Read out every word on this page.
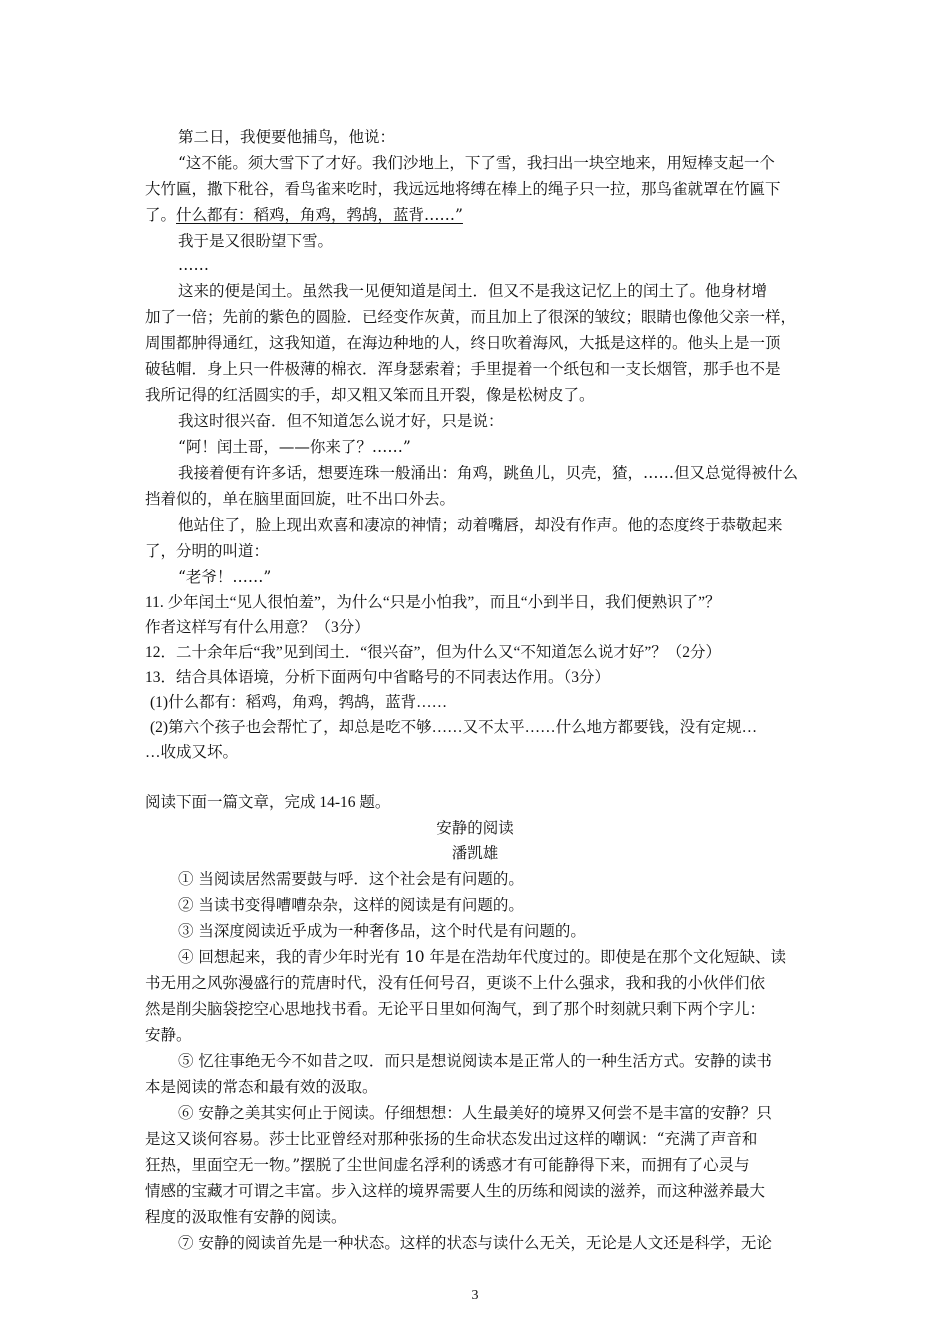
第二日，我便要他捕鸟，他说：
“这不能。须大雪下了才好。我们沙地上，下了雪，我扫出一块空地来，用短棒支起一个
大竹匾，撒下秕谷，看鸟雀来吃时，我远远地将缚在棒上的绳子只一拉，那鸟雀就罩在竹匾下
了。什么都有：稻鸡，角鸡，鹁鸪，蓝背……”
我于是又很盼望下雪。
……
这来的便是闰土。虽然我一见便知道是闰土．但又不是我这记忆上的闰土了。他身材增
加了一倍；先前的紫色的圆脸．已经变作灰黄，而且加上了很深的皱纹；眼睛也像他父亲一样，
周围都肿得通红，这我知道，在海边种地的人，终日吹着海风，大抵是这样的。他头上是一顶
破毡帽．身上只一件极薄的棉衣．浑身瑟索着；手里提着一个纸包和一支长烟管，那手也不是
我所记得的红活圆实的手，却又粗又笨而且开裂，像是松树皮了。
我这时很兴奋．但不知道怎么说才好，只是说：
“阿！闰土哥，——你来了？……”
我接着便有许多话，想要连珠一般涌出：角鸡，跳鱼儿，贝壳，猹，……但又总觉得被什么
挡着似的，单在脑里面回旋，吐不出口外去。
他站住了，脸上现出欢喜和凄凉的神情；动着嘴唇，却没有作声。他的态度终于恭敬起来
了，分明的叫道：
“老爷！……”
11. 少年闰土“见人很怕羞”，为什么“只是小怕我”，而且“小到半日，我们便熟识了”？
作者这样写有什么用意？（3分）
12．二十余年后“我”见到闰土．“很兴奋”，但为什么又“不知道怎么说才好”？（2分）
13．结合具体语境，分析下面两句中省略号的不同表达作用。（3分）
(1)什么都有：稻鸡，角鸡，鹁鸪，蓝背……
(2)第六个孩子也会帮忙了，却总是吃不够……又不太平……什么地方都要钱，没有定规…
…收成又坏。
阅读下面一篇文章，完成 14-16 题。
安静的阅读
潘凯雄
① 当阅读居然需要鼓与呼．这个社会是有问题的。
② 当读书变得嘈嘈杂杂，这样的阅读是有问题的。
③ 当深度阅读近乎成为一种奢侈品，这个时代是有问题的。
④ 回想起来，我的青少年时光有 10 年是在浩劫年代度过的。即使是在那个文化短缺、读
书无用之风弥漫盛行的荒唐时代，没有任何号召，更谈不上什么强求，我和我的小伙伴们依
然是削尖脑袋挖空心思地找书看。无论平日里如何淘气，到了那个时刻就只剩下两个字儿：
安静。
⑤ 忆往事绝无今不如昔之叹．而只是想说阅读本是正常人的一种生活方式。安静的读书
本是阅读的常态和最有效的汲取。
⑥ 安静之美其实何止于阅读。仔细想想：人生最美好的境界又何尝不是丰富的安静？只
是这又谈何容易。莎士比亚曾经对那种张扬的生命状态发出过这样的嘲讽：“充满了声音和
狂热，里面空无一物。”摆脱了尘世间虚名浮利的诱惑才有可能静得下来，而拥有了心灵与
情感的宝藏才可谓之丰富。步入这样的境界需要人生的历练和阅读的滋养，而这种滋养最大
程度的汲取惟有安静的阅读。
⑦ 安静的阅读首先是一种状态。这样的状态与读什么无关，无论是人文还是科学，无论
3
